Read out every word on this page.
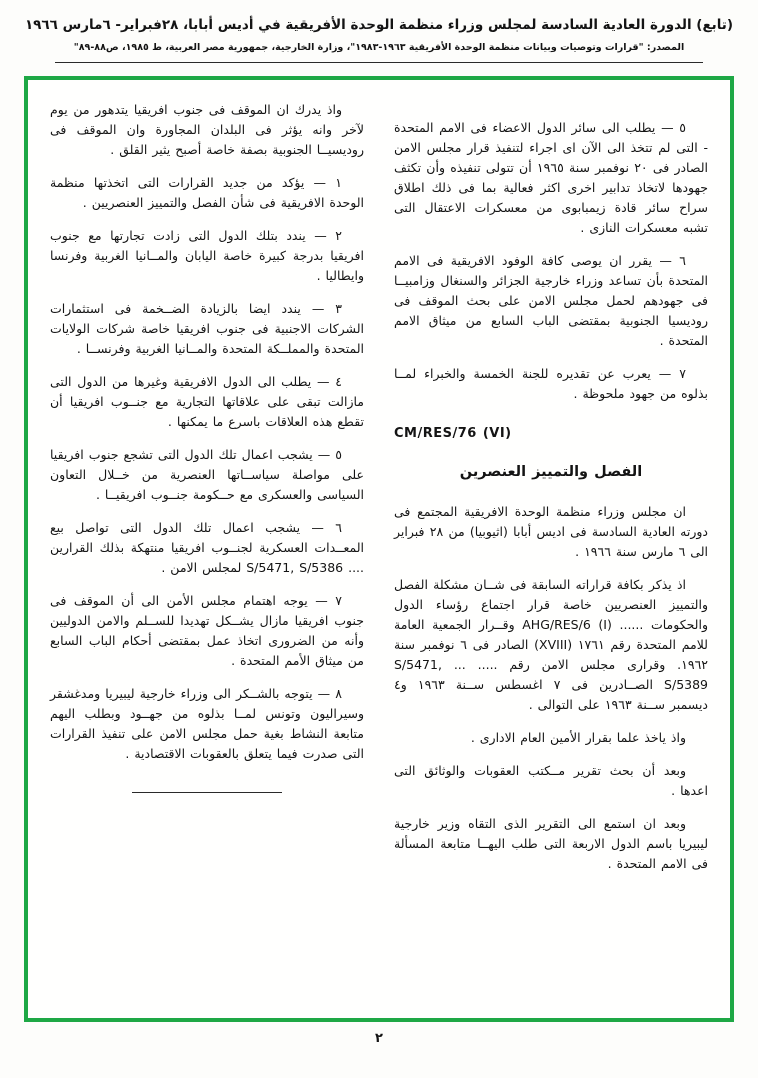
(تابع) الدورة العادية السادسة لمجلس وزراء منظمة الوحدة الأفريقية في أديس أبابا، ٢٨فبراير- ٦مارس ١٩٦٦
المصدر: "قرارات وتوصيات وبيانات منظمة الوحدة الأفريقية ١٩٦٣-١٩٨٣"، وزارة الخارجية، جمهورية مصر العربية، ط ١٩٨٥، ص٨٨-٨٩"

٥ — يطلب الى سائر الدول الاعضاء فى الامم المتحدة - التى لم تتخذ الى الآن اى اجراء لتنفيذ قرار مجلس الامن الصادر فى ٢٠ نوفمبر سنة ١٩٦٥ أن تتولى تنفيذه وأن تكثف جهودها لاتخاذ تدابير اخرى اكثر فعالية بما فى ذلك اطلاق سراح سائر قادة زيمبابوى من معسكرات الاعتقال التى تشبه معسكرات النازى .

٦ — يقرر ان يوصى كافة الوفود الافريقية فى الامم المتحدة بأن تساعد وزراء خارجية الجزائر والسنغال وزامبيــا فى جهودهم لحمل مجلس الامن على بحث الموقف فى روديسيا الجنوبية بمقتضى الباب السابع من ميثاق الامم المتحدة .

٧ — يعرب عن تقديره للجنة الخمسة والخبراء لمــا بذلوه من جهود ملحوظة .

CM/RES/76 (VI)

الفصل والتمييز العنصرين

ان مجلس وزراء منظمة الوحدة الافريقية المجتمع فى دورته العادية السادسة فى اديس أبابا (اثيوبيا) من ٢٨ فبراير الى ٦ مارس سنة ١٩٦٦ .

اذ يذكر بكافة قراراته السابقة فى شــان مشكلة الفصل والتمييز العنصريين خاصة قرار اجتماع رؤساء الدول والحكومات ...... AHG/RES/6 (I) وقــرار الجمعية العامة للامم المتحدة رقم ١٧٦١ (XVIII) الصادر فى ٦ نوفمبر سنة ١٩٦٢. وقرارى مجلس الامن رقم ..... ... S/5471, S/5389 الصــادرين فى ٧ اغسطس ســنة ١٩٦٣ و٤ ديسمبر ســنة ١٩٦٣ على التوالى .

واذ ياخذ علما بقرار الأمين العام الادارى .

وبعد أن بحث تقرير مــكتب العقوبات والوثائق التى اعدها .

وبعد ان استمع الى التقرير الذى التقاه وزير خارجية ليبيريا باسم الدول الاربعة التى طلب اليهــا متابعة المسألة فى الامم المتحدة .

واذ يدرك ان الموقف فى جنوب افريقيا يتدهور من يوم لآخر وانه يؤثر فى البلدان المجاورة وان الموقف فى روديسيــا الجنوبية بصفة خاصة أصبح يثير القلق .

١ — يؤكد من جديد القرارات التى اتخذتها منظمة الوحدة الافريقية فى شأن الفصل والتمييز العنصريين .

٢ — يندد بتلك الدول التى زادت تجارتها مع جنوب افريقيا بدرجة كبيرة خاصة اليابان والمــانيا الغربية وفرنسا وايطاليا .

٣ — يندد ايضا بالزيادة الضــخمة فى استثمارات الشركات الاجنبية فى جنوب افريقيا خاصة شركات الولايات المتحدة والمملــكة المتحدة والمــانيا الغربية وفرنســا .

٤ — يطلب الى الدول الافريقية وغيرها من الدول التى مازالت تبقى على علاقاتها التجارية مع جنــوب افريقيا أن تقطع هذه العلاقات باسرع ما يمكنها .

٥ — يشجب اعمال تلك الدول التى تشجع جنوب افريقيا على مواصلة سياســاتها العنصرية من خــلال التعاون السياسى والعسكرى مع حــكومة جنــوب افريقيــا .

٦ — يشجب اعمال تلك الدول التى تواصل بيع المعــدات العسكرية لجنــوب افريقيا منتهكة بذلك القرارين .... S/5471, S/5386 لمجلس الامن .

٧ — يوجه اهتمام مجلس الأمن الى أن الموقف فى جنوب افريقيا مازال يشــكل تهديدا للســلم والامن الدوليين وأنه من الضرورى اتخاذ عمل بمقتضى أحكام الباب السابع من ميثاق الأمم المتحدة .

٨ — يتوجه بالشــكر الى وزراء خارجية ليبيريا ومدغشقر وسيراليون وتونس لمــا بذلوه من جهــود وبطلب اليهم متابعة النشاط بغية حمل مجلس الامن على تنفيذ القرارات التى صدرت فيما يتعلق بالعقوبات الاقتصادية .

٢
